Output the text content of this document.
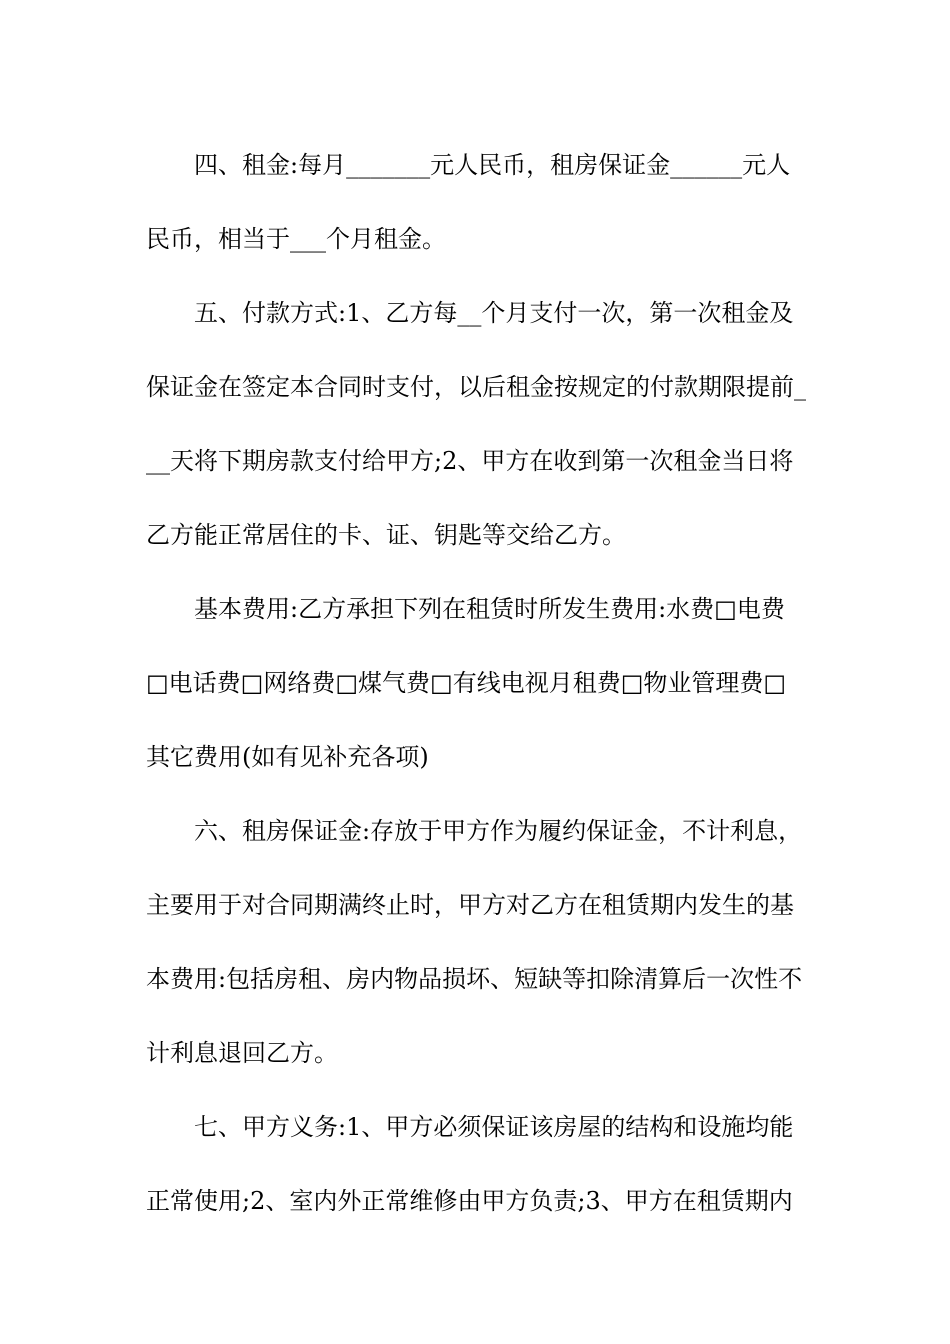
四、租金:每月_______元人民币，租房保证金______元人
民币，相当于___个月租金。
五、付款方式:1、乙方每__个月支付一次，第一次租金及
保证金在签定本合同时支付，以后租金按规定的付款期限提前_
__天将下期房款支付给甲方;2、甲方在收到第一次租金当日将
乙方能正常居住的卡、证、钥匙等交给乙方。
基本费用:乙方承担下列在租赁时所发生费用:水费□电费
□电话费□网络费□煤气费□有线电视月租费□物业管理费□
其它费用(如有见补充各项)
六、租房保证金:存放于甲方作为履约保证金，不计利息，
主要用于对合同期满终止时，甲方对乙方在租赁期内发生的基
本费用:包括房租、房内物品损坏、短缺等扣除清算后一次性不
计利息退回乙方。
七、甲方义务:1、甲方必须保证该房屋的结构和设施均能
正常使用;2、室内外正常维修由甲方负责;3、甲方在租赁期内
